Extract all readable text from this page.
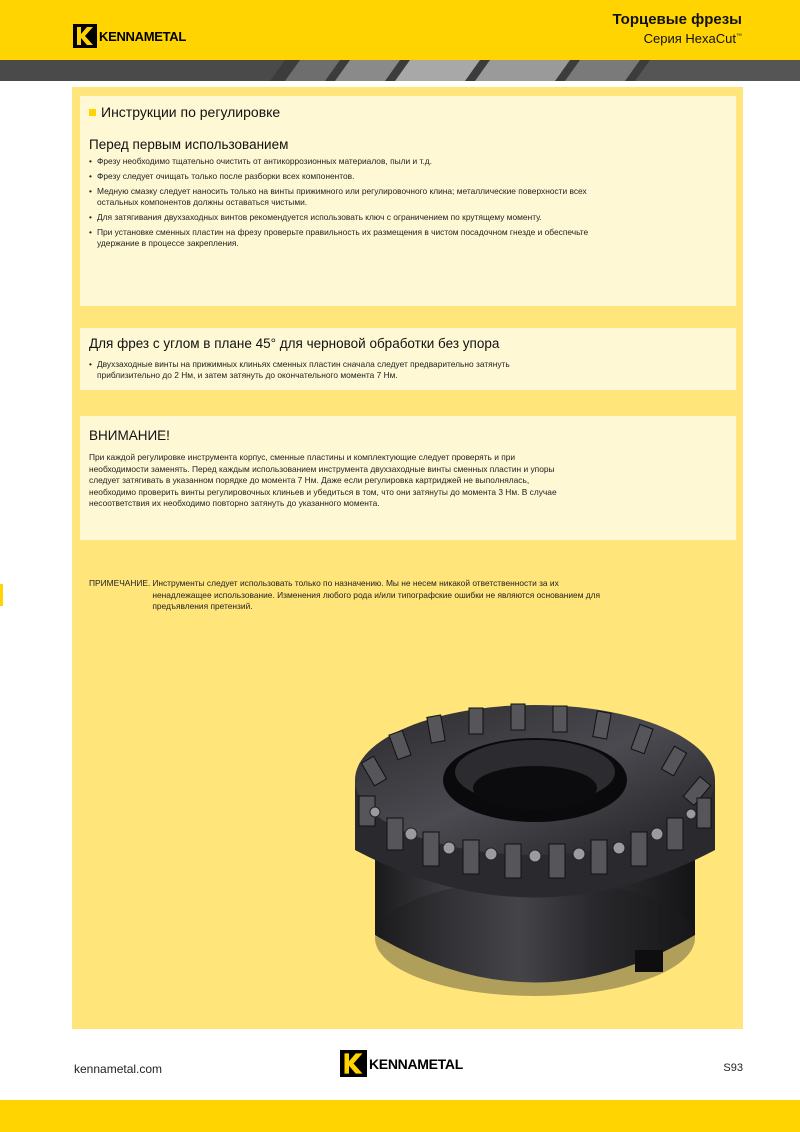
KENNAMETAL
Торцевые фрезы
Серия HexaCut™
Инструкции по регулировке
Перед первым использованием
• Фрезу необходимо тщательно очистить от антикоррозионных материалов, пыли и т.д.
• Фрезу следует очищать только после разборки всех компонентов.
• Медную смазку следует наносить только на винты прижимного или регулировочного клина; металлические поверхности всех остальных компонентов должны оставаться чистыми.
• Для затягивания двухзаходных винтов рекомендуется использовать ключ с ограничением по крутящему моменту.
• При установке сменных пластин на фрезу проверьте правильность их размещения в чистом посадочном гнезде и обеспечьте удержание в процессе закрепления.
Для фрез с углом в плане 45° для черновой обработки без упора
• Двухзаходные винты на прижимных клиньях сменных пластин сначала следует предварительно затянуть приблизительно до 2 Нм, и затем затянуть до окончательного момента 7 Нм.
ВНИМАНИЕ!
При каждой регулировке инструмента корпус, сменные пластины и комплектующие следует проверять и при необходимости заменять. Перед каждым использованием инструмента двухзаходные винты сменных пластин и упоры следует затягивать в указанном порядке до момента 7 Нм. Даже если регулировка картриджей не выполнялась, необходимо проверить винты регулировочных клиньев и убедиться в том, что они затянуты до момента 3 Нм. В случае несоответствия их необходимо повторно затянуть до указанного момента.
ПРИМЕЧАНИЕ. Инструменты следует использовать только по назначению. Мы не несем никакой ответственности за их ненадлежащее использование. Изменения любого рода и/или типографские ошибки не являются основанием для предъявления претензий.
kennametal.com	KENNAMETAL	S93
